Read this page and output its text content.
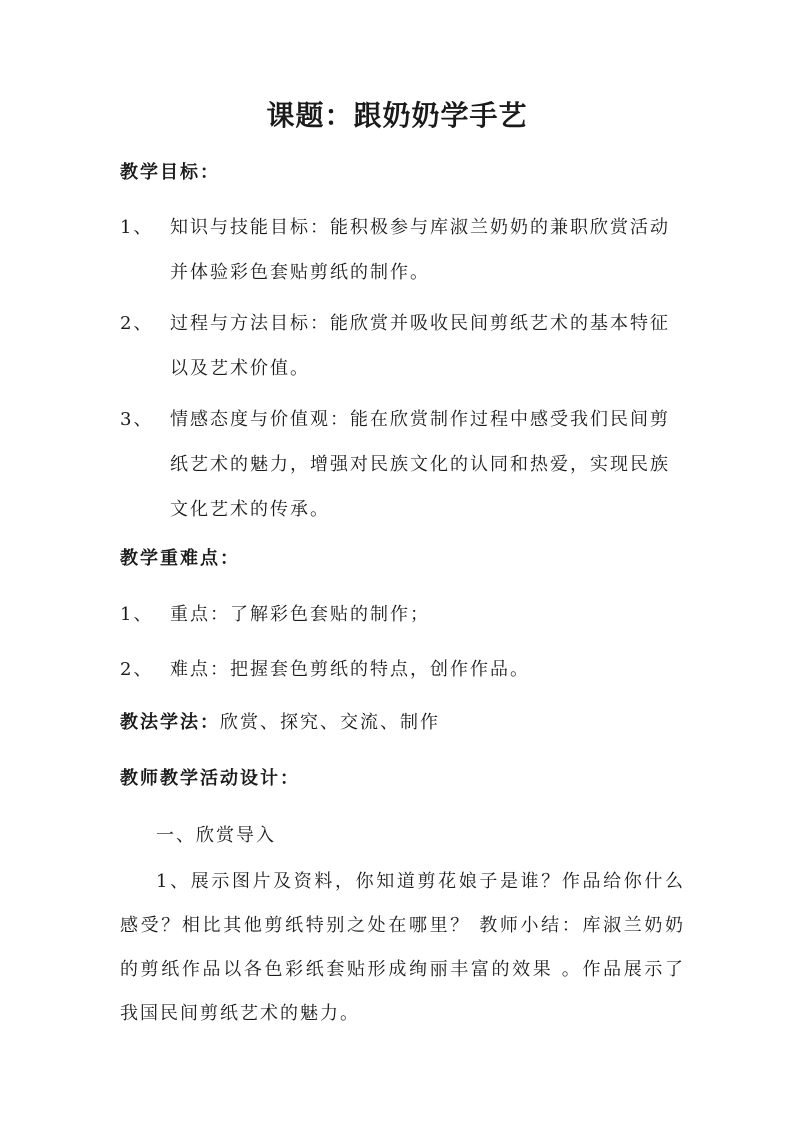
课题：跟奶奶学手艺
教学目标：
1、 知识与技能目标：能积极参与库淑兰奶奶的兼职欣赏活动并体验彩色套贴剪纸的制作。
2、 过程与方法目标：能欣赏并吸收民间剪纸艺术的基本特征以及艺术价值。
3、 情感态度与价值观：能在欣赏制作过程中感受我们民间剪纸艺术的魅力，增强对民族文化的认同和热爱，实现民族文化艺术的传承。
教学重难点：
1、 重点：了解彩色套贴的制作；
2、 难点：把握套色剪纸的特点，创作作品。
教法学法：欣赏、探究、交流、制作
教师教学活动设计：
一、欣赏导入
1、展示图片及资料，你知道剪花娘子是谁？作品给你什么感受？相比其他剪纸特别之处在哪里？ 教师小结：库淑兰奶奶的剪纸作品以各色彩纸套贴形成绚丽丰富的效果 。作品展示了我国民间剪纸艺术的魅力。
